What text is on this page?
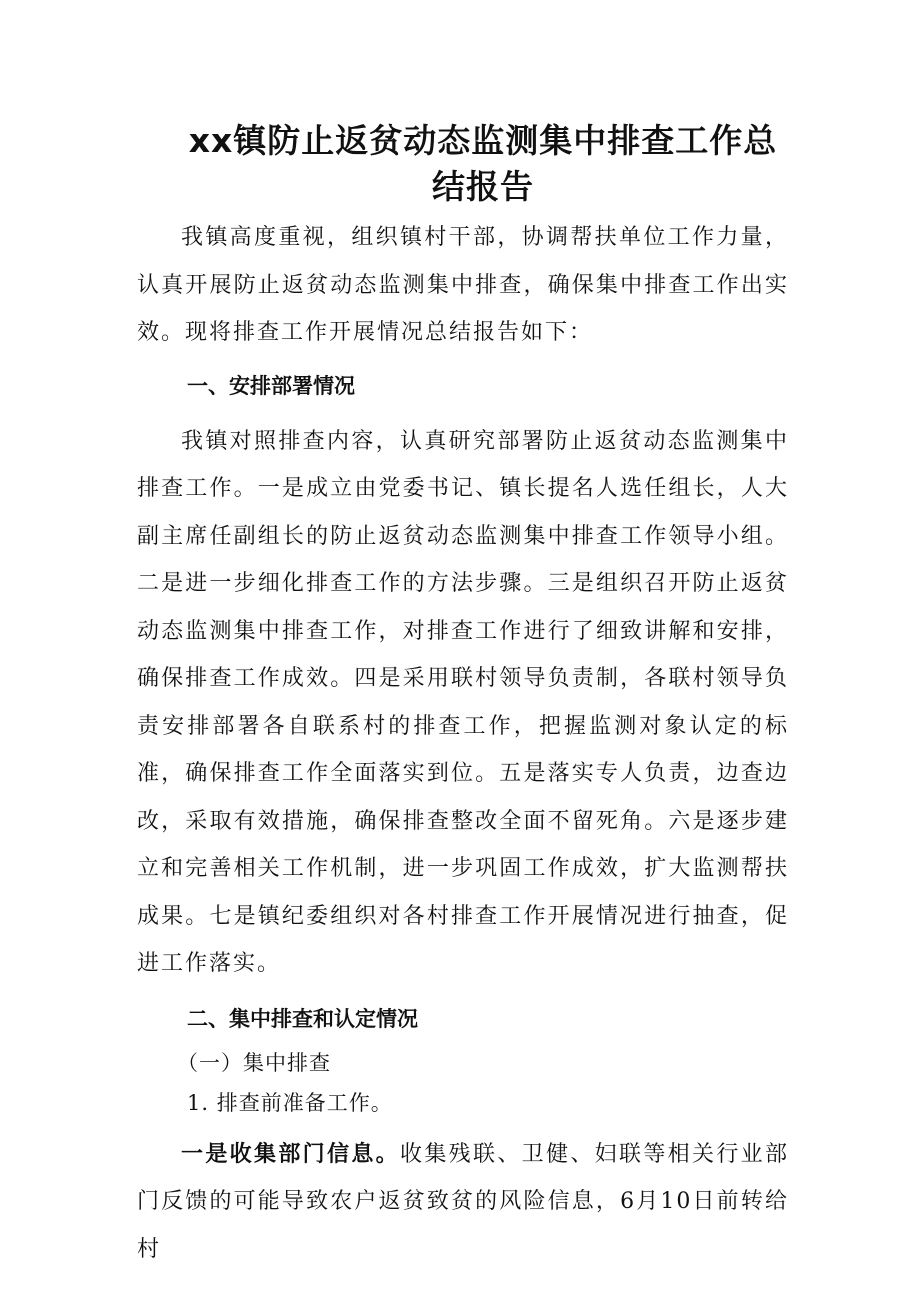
xx镇防止返贫动态监测集中排查工作总
结报告

我镇高度重视，组织镇村干部，协调帮扶单位工作力量，认真开展防止返贫动态监测集中排查，确保集中排查工作出实效。现将排查工作开展情况总结报告如下：

一、安排部署情况

我镇对照排查内容，认真研究部署防止返贫动态监测集中排查工作。一是成立由党委书记、镇长提名人选任组长，人大副主席任副组长的防止返贫动态监测集中排查工作领导小组。二是进一步细化排查工作的方法步骤。三是组织召开防止返贫动态监测集中排查工作，对排查工作进行了细致讲解和安排，确保排查工作成效。四是采用联村领导负责制，各联村领导负责安排部署各自联系村的排查工作，把握监测对象认定的标准，确保排查工作全面落实到位。五是落实专人负责，边查边改，采取有效措施，确保排查整改全面不留死角。六是逐步建立和完善相关工作机制，进一步巩固工作成效，扩大监测帮扶成果。七是镇纪委组织对各村排查工作开展情况进行抽查，促进工作落实。

二、集中排查和认定情况

（一）集中排查

1. 排查前准备工作。

一是收集部门信息。收集残联、卫健、妇联等相关行业部门反馈的可能导致农户返贫致贫的风险信息，6月10日前转给村
